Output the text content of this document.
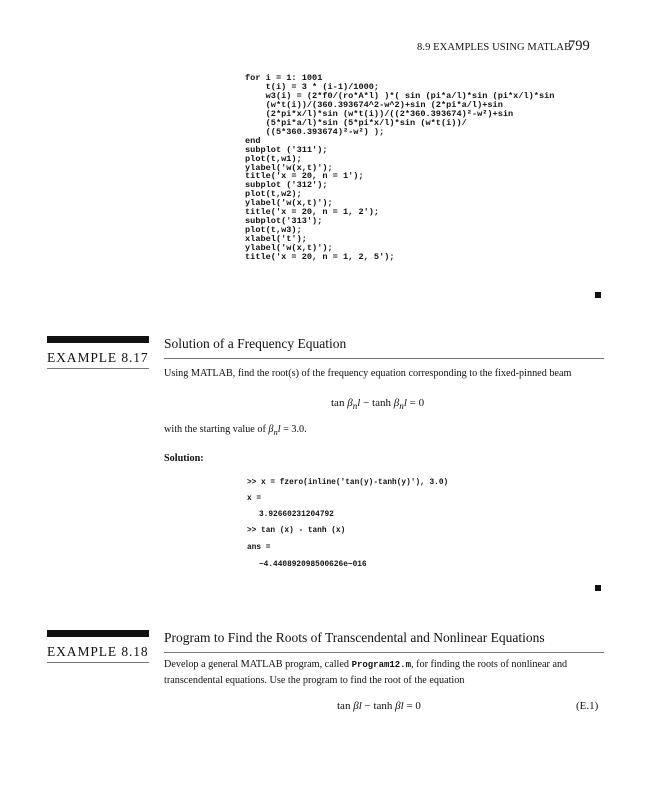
8.9 EXAMPLES USING MATLAB
799
for i = 1: 1001
t(i) = 3 * (i-1)/1000;
w3(i) = (2*f0/(ro*A*l) )*( sin (pi*a/l)*sin (pi*x/l)*sin
(w*t(i))/(360.393674^2-w^2)+sin (2*pi*a/l)+sin
(2*pi*x/l)*sin (w*t(i))/((2*360.393674)²-w²)+sin
(5*pi*a/l)*sin (5*pi*x/l)*sin (w*t(i))/
((5*360.393674)²-w²) );
end
subplot ('311');
plot(t,w1);
ylabel('w(x,t)');
title('x = 20, n = 1');
subplot ('312');
plot(t,w2);
ylabel('w(x,t)');
title('x = 20, n = 1, 2');
subplot('313');
plot(t,w3);
xlabel('t');
ylabel('w(x,t)');
title('x = 20, n = 1, 2, 5');
EXAMPLE 8.17
Solution of a Frequency Equation
Using MATLAB, find the root(s) of the frequency equation corresponding to the fixed-pinned beam
$\tan \beta_nl - \tanh \beta_nl = 0$
with the starting value of $\beta_nl = 3.0$.
Solution:
>> x = fzero(inline('tan(y)-tanh(y)'), 3.0)
x =
3.92660231204792
>> tan (x) - tanh (x)
ans =
−4.440892098500626e−016
EXAMPLE 8.18
Program to Find the Roots of Transcendental and Nonlinear Equations
Develop a general MATLAB program, called Program12.m, for finding the roots of nonlinear and transcendental equations. Use the program to find the root of the equation
tan βl − tanh βl = 0	(E.1)
